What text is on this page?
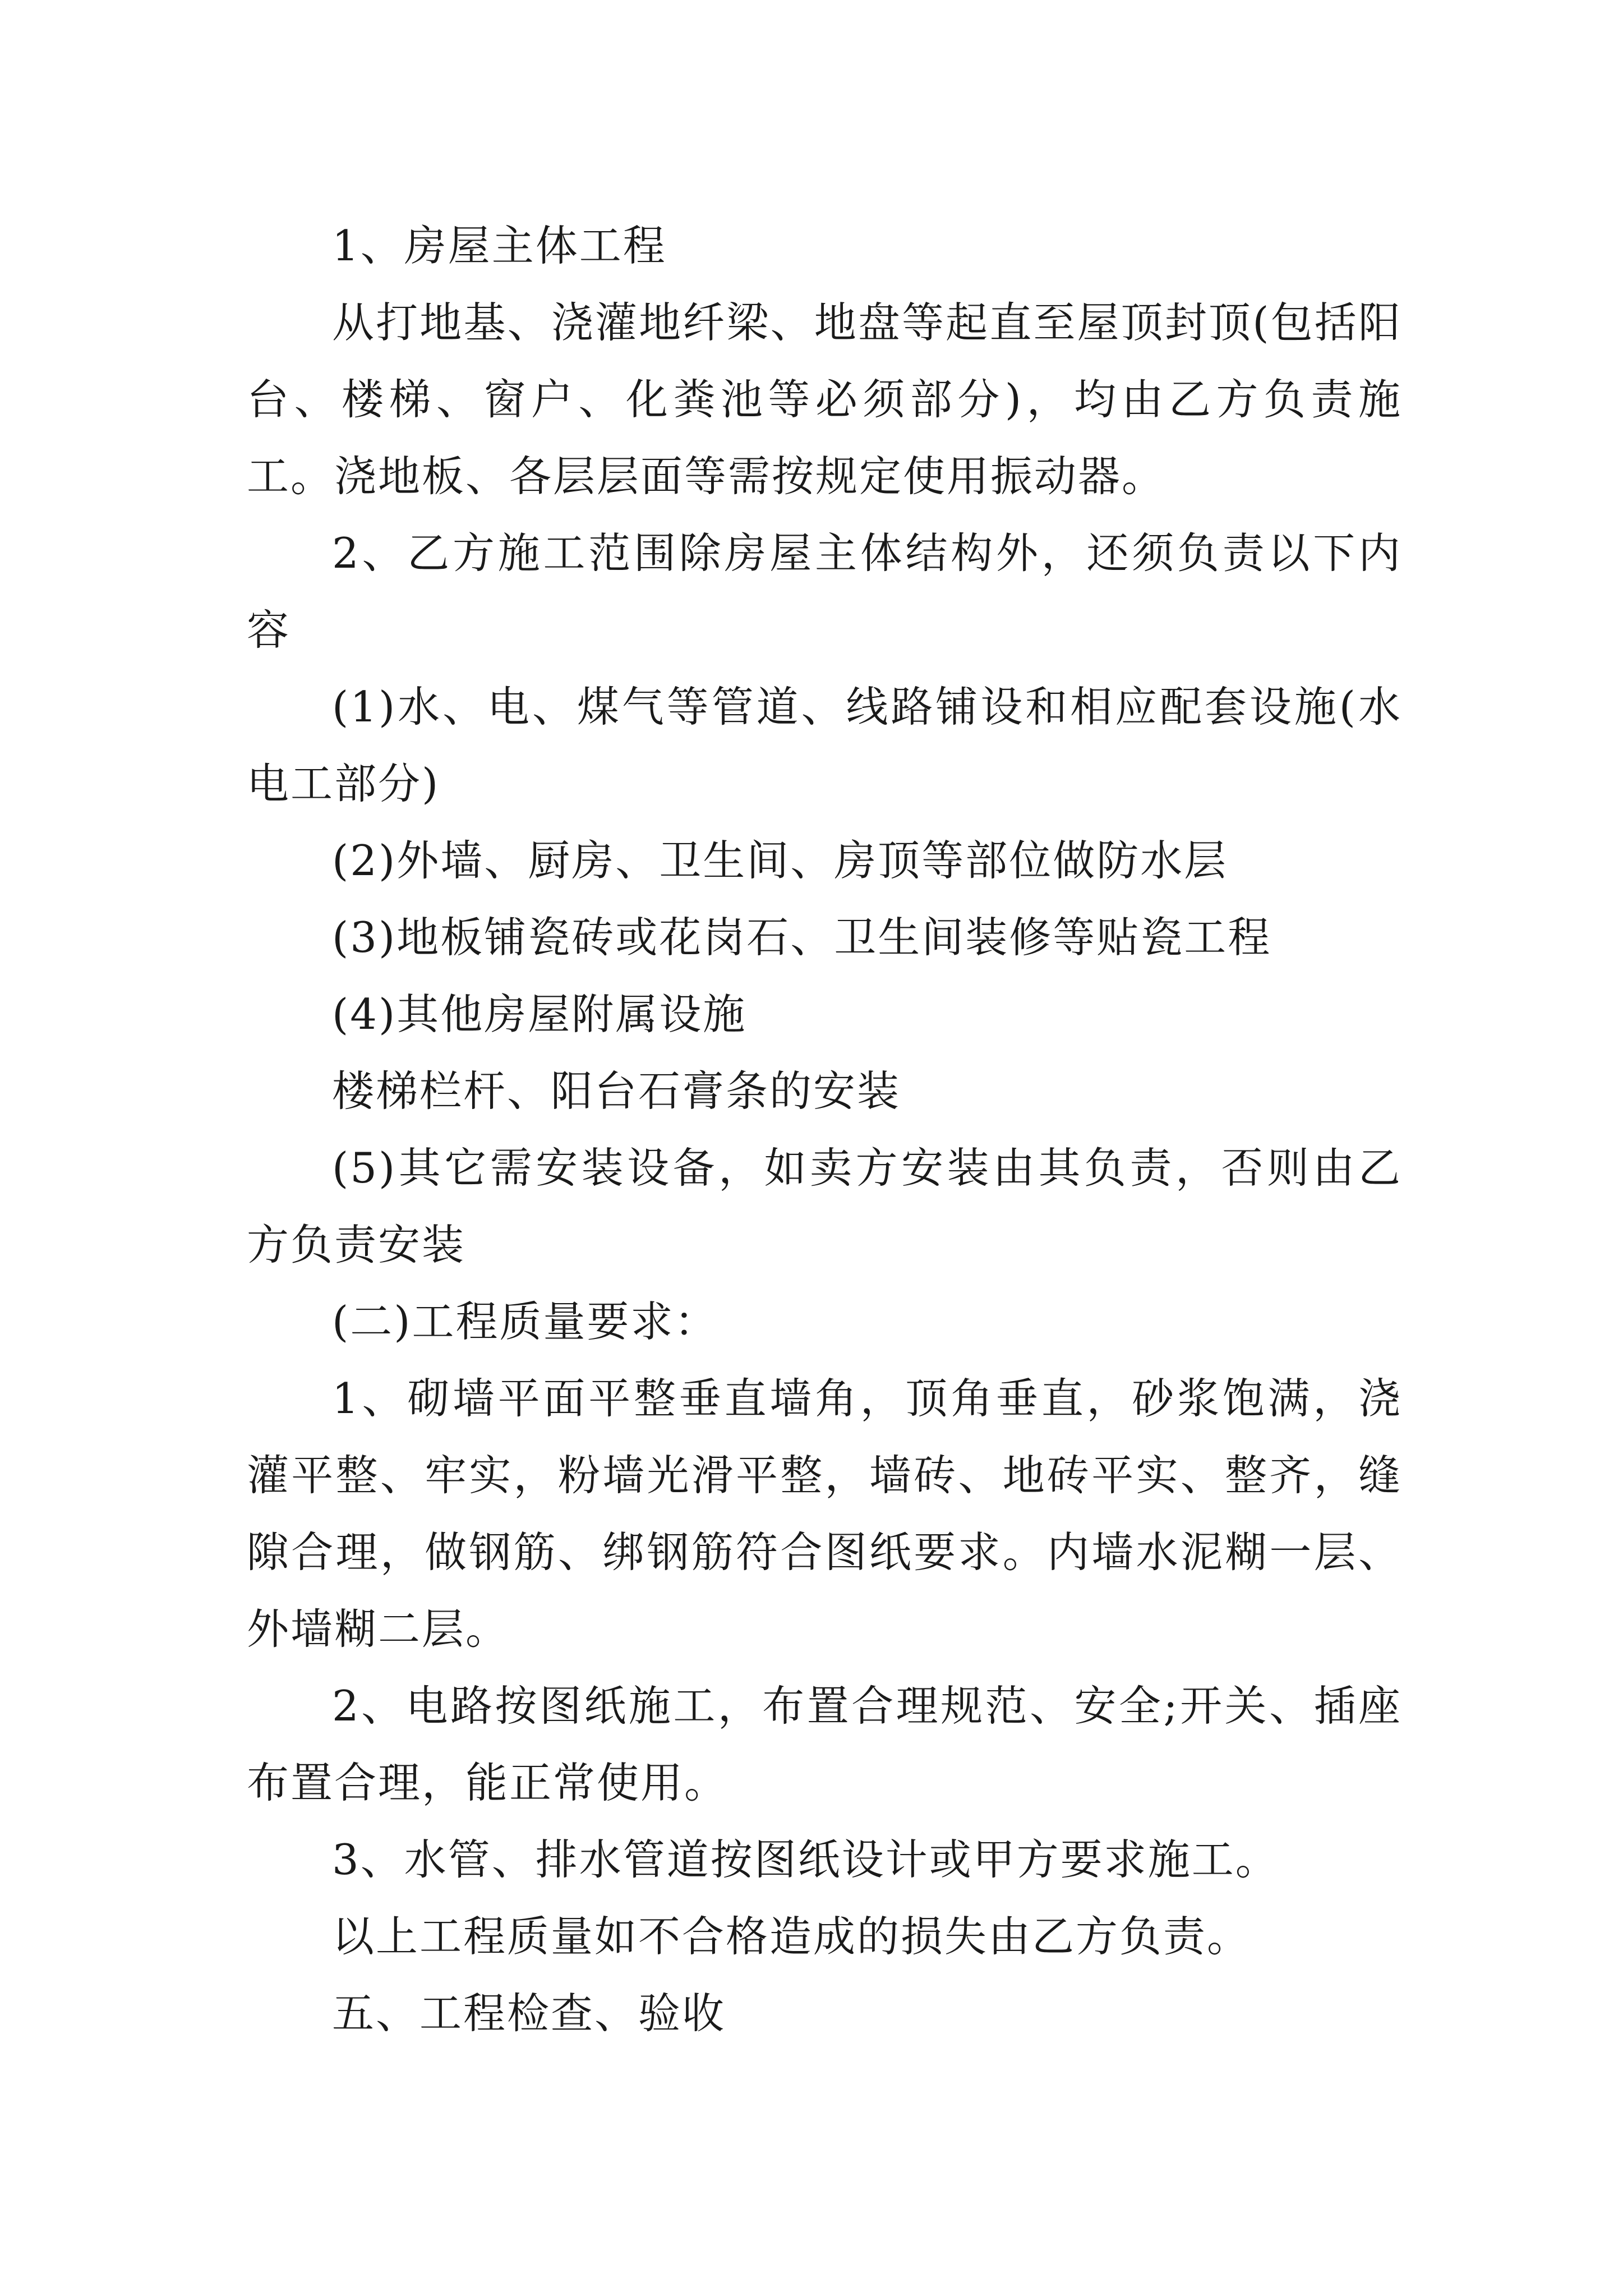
1、房屋主体工程

从打地基、浇灌地纤梁、地盘等起直至屋顶封顶(包括阳台、楼梯、窗户、化粪池等必须部分)，均由乙方负责施工。浇地板、各层层面等需按规定使用振动器。

2、乙方施工范围除房屋主体结构外，还须负责以下内容

(1)水、电、煤气等管道、线路铺设和相应配套设施(水电工部分)

(2)外墙、厨房、卫生间、房顶等部位做防水层

(3)地板铺瓷砖或花岗石、卫生间装修等贴瓷工程

(4)其他房屋附属设施

楼梯栏杆、阳台石膏条的安装

(5)其它需安装设备，如卖方安装由其负责，否则由乙方负责安装

(二)工程质量要求：

1、砌墙平面平整垂直墙角，顶角垂直，砂浆饱满，浇灌平整、牢实，粉墙光滑平整，墙砖、地砖平实、整齐，缝隙合理，做钢筋、绑钢筋符合图纸要求。内墙水泥糊一层、外墙糊二层。

2、电路按图纸施工，布置合理规范、安全;开关、插座布置合理，能正常使用。

3、水管、排水管道按图纸设计或甲方要求施工。

以上工程质量如不合格造成的损失由乙方负责。

五、工程检查、验收
